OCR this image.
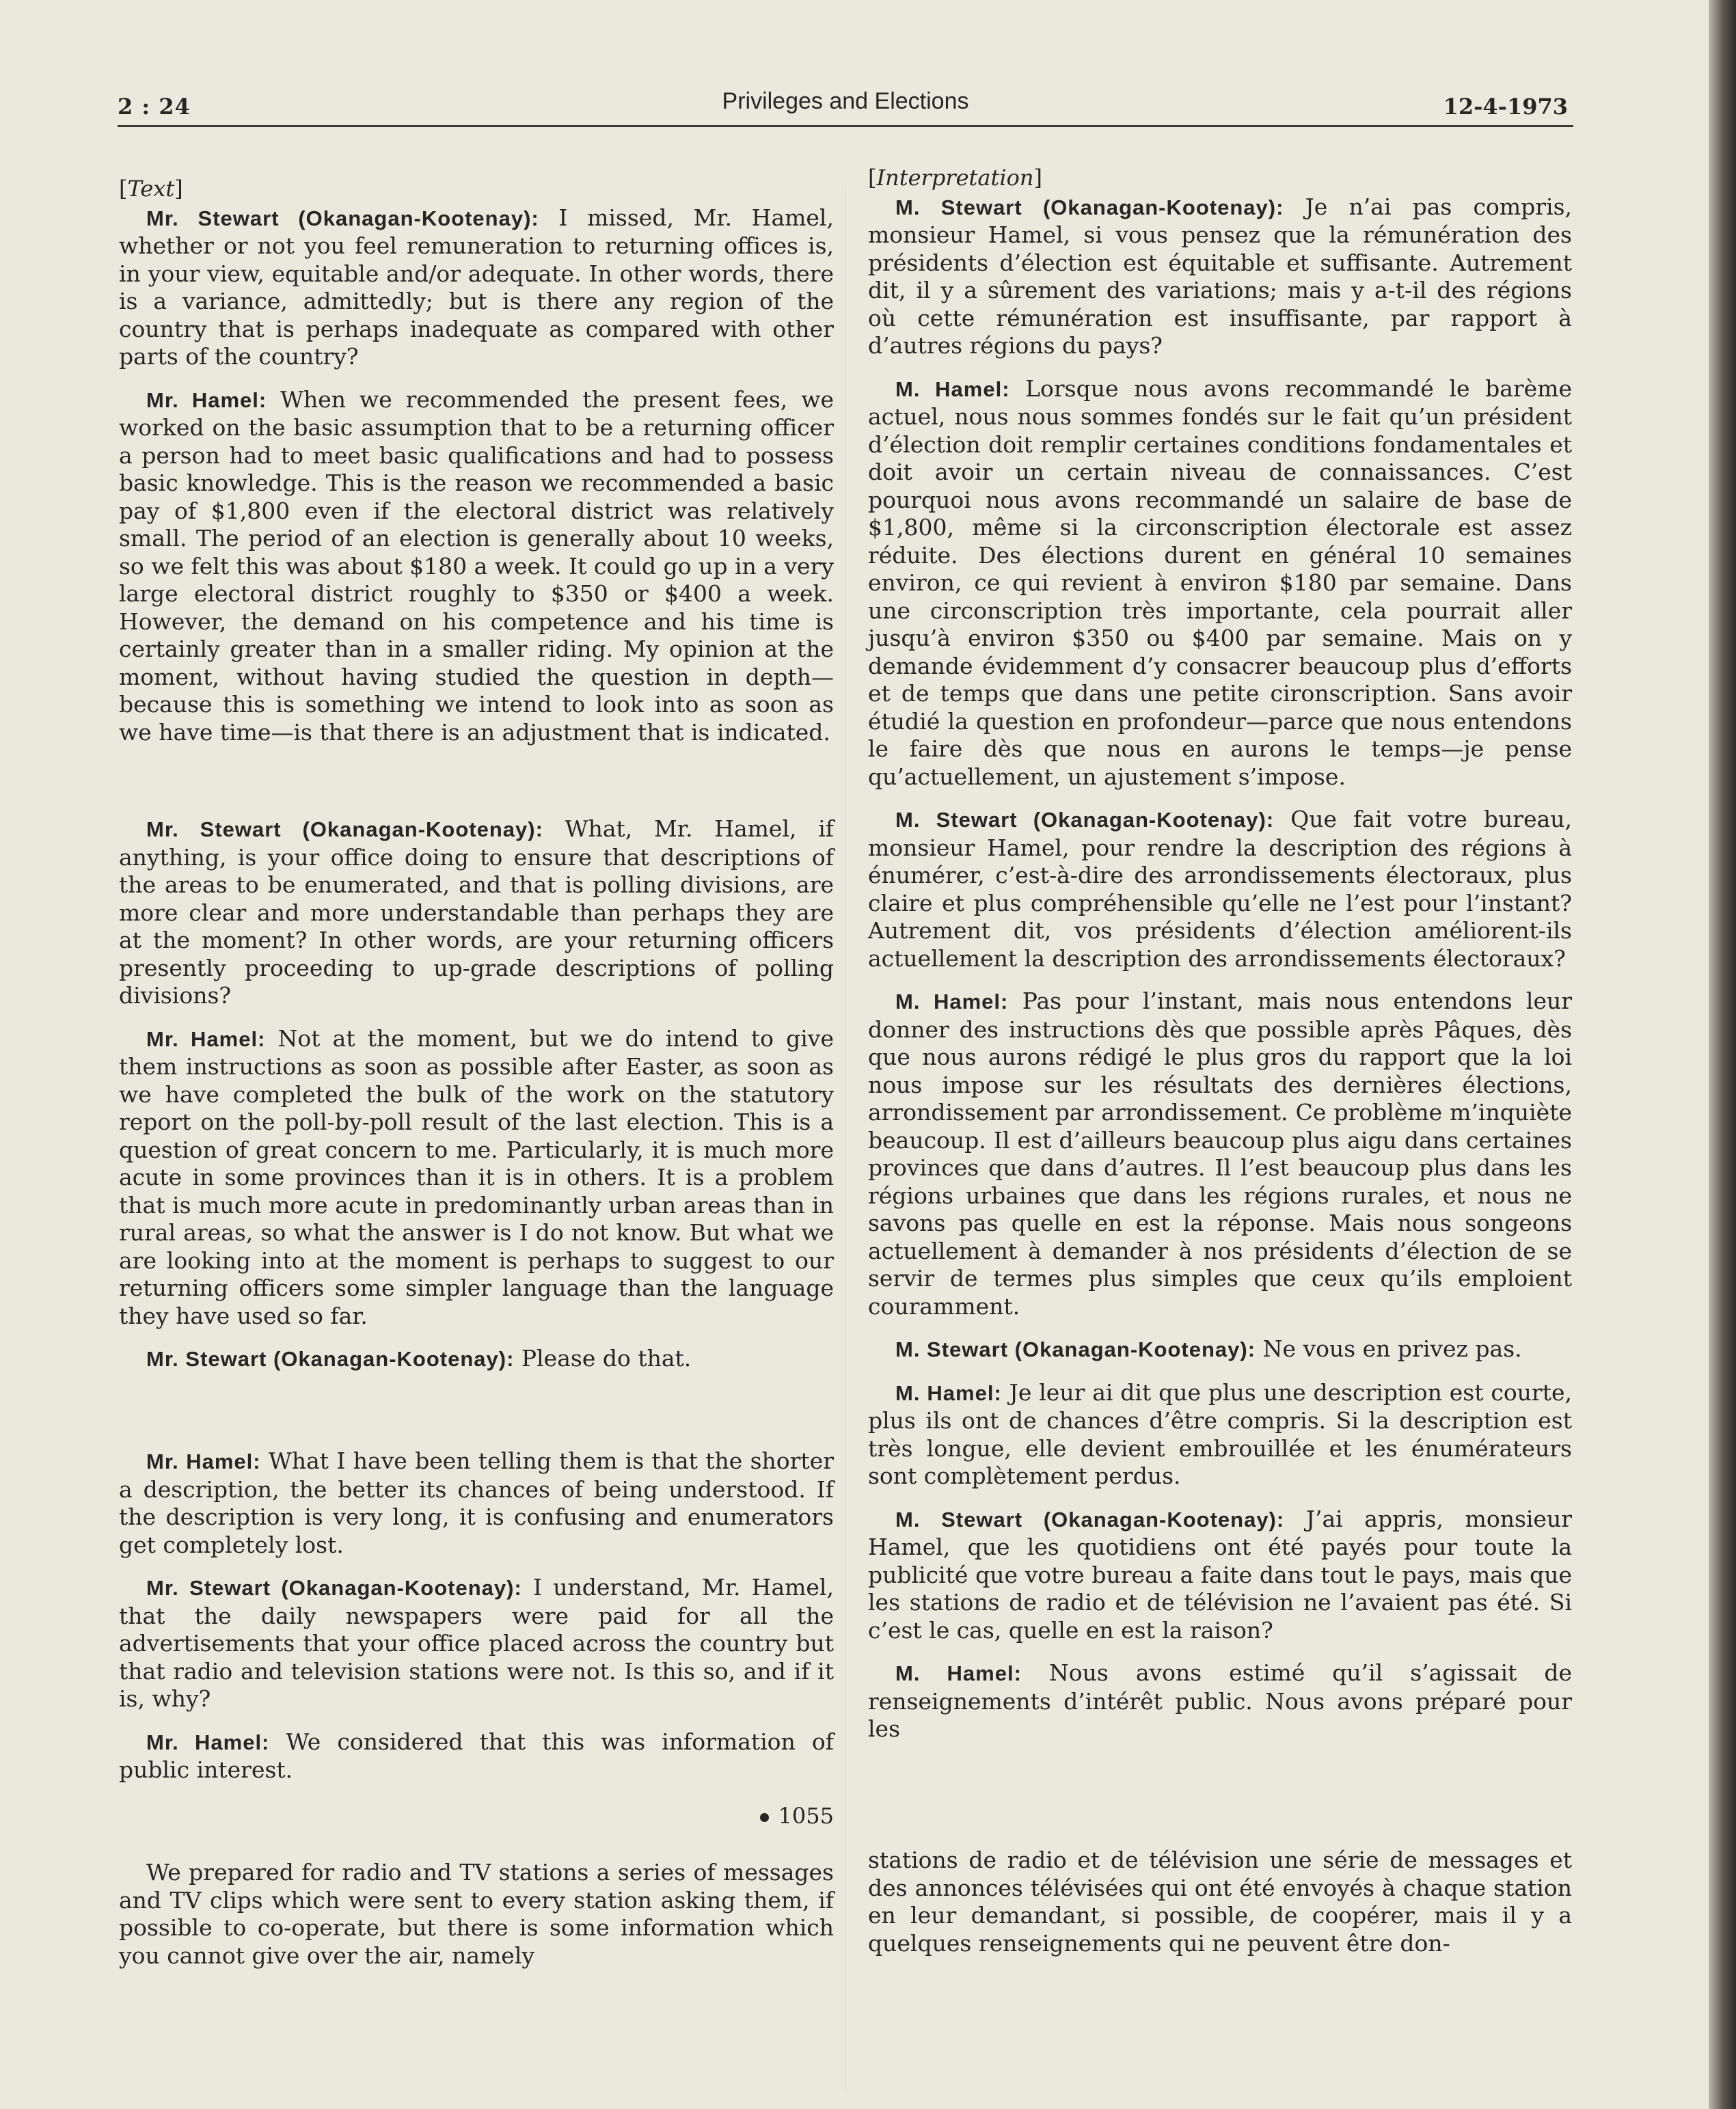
2 : 24	Privileges and Elections	12-4-1973
[Text]

Mr. Stewart (Okanagan-Kootenay): I missed, Mr. Hamel, whether or not you feel remuneration to returning offices is, in your view, equitable and/or adequate. In other words, there is a variance, admittedly; but is there any region of the country that is perhaps inadequate as compared with other parts of the country?

Mr. Hamel: When we recommended the present fees, we worked on the basic assumption that to be a returning officer a person had to meet basic qualifications and had to possess basic knowledge. This is the reason we recommended a basic pay of $1,800 even if the electoral district was relatively small. The period of an election is generally about 10 weeks, so we felt this was about $180 a week. It could go up in a very large electoral district roughly to $350 or $400 a week. However, the demand on his competence and his time is certainly greater than in a smaller riding. My opinion at the moment, without having studied the question in depth—because this is something we intend to look into as soon as we have time—is that there is an adjustment that is indicated.

Mr. Stewart (Okanagan-Kootenay): What, Mr. Hamel, if anything, is your office doing to ensure that descriptions of the areas to be enumerated, and that is polling divisions, are more clear and more understandable than perhaps they are at the moment? In other words, are your returning officers presently proceeding to up-grade descriptions of polling divisions?

Mr. Hamel: Not at the moment, but we do intend to give them instructions as soon as possible after Easter, as soon as we have completed the bulk of the work on the statutory report on the poll-by-poll result of the last election. This is a question of great concern to me. Particularly, it is much more acute in some provinces than it is in others. It is a problem that is much more acute in predominantly urban areas than in rural areas, so what the answer is I do not know. But what we are looking into at the moment is perhaps to suggest to our returning officers some simpler language than the language they have used so far.

Mr. Stewart (Okanagan-Kootenay): Please do that.

Mr. Hamel: What I have been telling them is that the shorter a description, the better its chances of being understood. If the description is very long, it is confusing and enumerators get completely lost.

Mr. Stewart (Okanagan-Kootenay): I understand, Mr. Hamel, that the daily newspapers were paid for all the advertisements that your office placed across the country but that radio and television stations were not. Is this so, and if it is, why?

Mr. Hamel: We considered that this was information of public interest.

1055

We prepared for radio and TV stations a series of messages and TV clips which were sent to every station asking them, if possible to co-operate, but there is some information which you cannot give over the air, namely

[Interpretation]

M. Stewart (Okanagan-Kootenay): Je n’ai pas compris, monsieur Hamel, si vous pensez que la rémunération des présidents d’élection est équitable et suffisante. Autrement dit, il y a sûrement des variations; mais y a-t-il des régions où cette rémunération est insuffisante, par rapport à d’autres régions du pays?

M. Hamel: Lorsque nous avons recommandé le barème actuel, nous nous sommes fondés sur le fait qu’un président d’élection doit remplir certaines conditions fondamentales et doit avoir un certain niveau de connaissances. C’est pourquoi nous avons recommandé un salaire de base de $1,800, même si la circonscription électorale est assez réduite. Des élections durent en général 10 semaines environ, ce qui revient à environ $180 par semaine. Dans une circonscription très importante, cela pourrait aller jusqu’à environ $350 ou $400 par semaine. Mais on y demande évidemment d’y consacrer beaucoup plus d’efforts et de temps que dans une petite cironscription. Sans avoir étudié la question en profondeur—parce que nous entendons le faire dès que nous en aurons le temps—je pense qu’actuellement, un ajustement s’impose.

M. Stewart (Okanagan-Kootenay): Que fait votre bureau, monsieur Hamel, pour rendre la description des régions à énumérer, c’est-à-dire des arrondissements électoraux, plus claire et plus compréhensible qu’elle ne l’est pour l’instant? Autrement dit, vos présidents d’élection améliorent-ils actuellement la description des arrondissements électoraux?

M. Hamel: Pas pour l’instant, mais nous entendons leur donner des instructions dès que possible après Pâques, dès que nous aurons rédigé le plus gros du rapport que la loi nous impose sur les résultats des dernières élections, arrondissement par arrondissement. Ce problème m’inquiète beaucoup. Il est d’ailleurs beaucoup plus aigu dans certaines provinces que dans d’autres. Il l’est beaucoup plus dans les régions urbaines que dans les régions rurales, et nous ne savons pas quelle en est la réponse. Mais nous songeons actuellement à demander à nos présidents d’élection de se servir de termes plus simples que ceux qu’ils emploient couramment.

M. Stewart (Okanagan-Kootenay): Ne vous en privez pas.

M. Hamel: Je leur ai dit que plus une description est courte, plus ils ont de chances d’être compris. Si la description est très longue, elle devient embrouillée et les énumérateurs sont complètement perdus.

M. Stewart (Okanagan-Kootenay): J’ai appris, monsieur Hamel, que les quotidiens ont été payés pour toute la publicité que votre bureau a faite dans tout le pays, mais que les stations de radio et de télévision ne l’avaient pas été. Si c’est le cas, quelle en est la raison?

M. Hamel: Nous avons estimé qu’il s’agissait de renseignements d’intérêt public. Nous avons préparé pour les

stations de radio et de télévision une série de messages et des annonces télévisées qui ont été envoyés à chaque station en leur demandant, si possible, de coopérer, mais il y a quelques renseignements qui ne peuvent être don-
